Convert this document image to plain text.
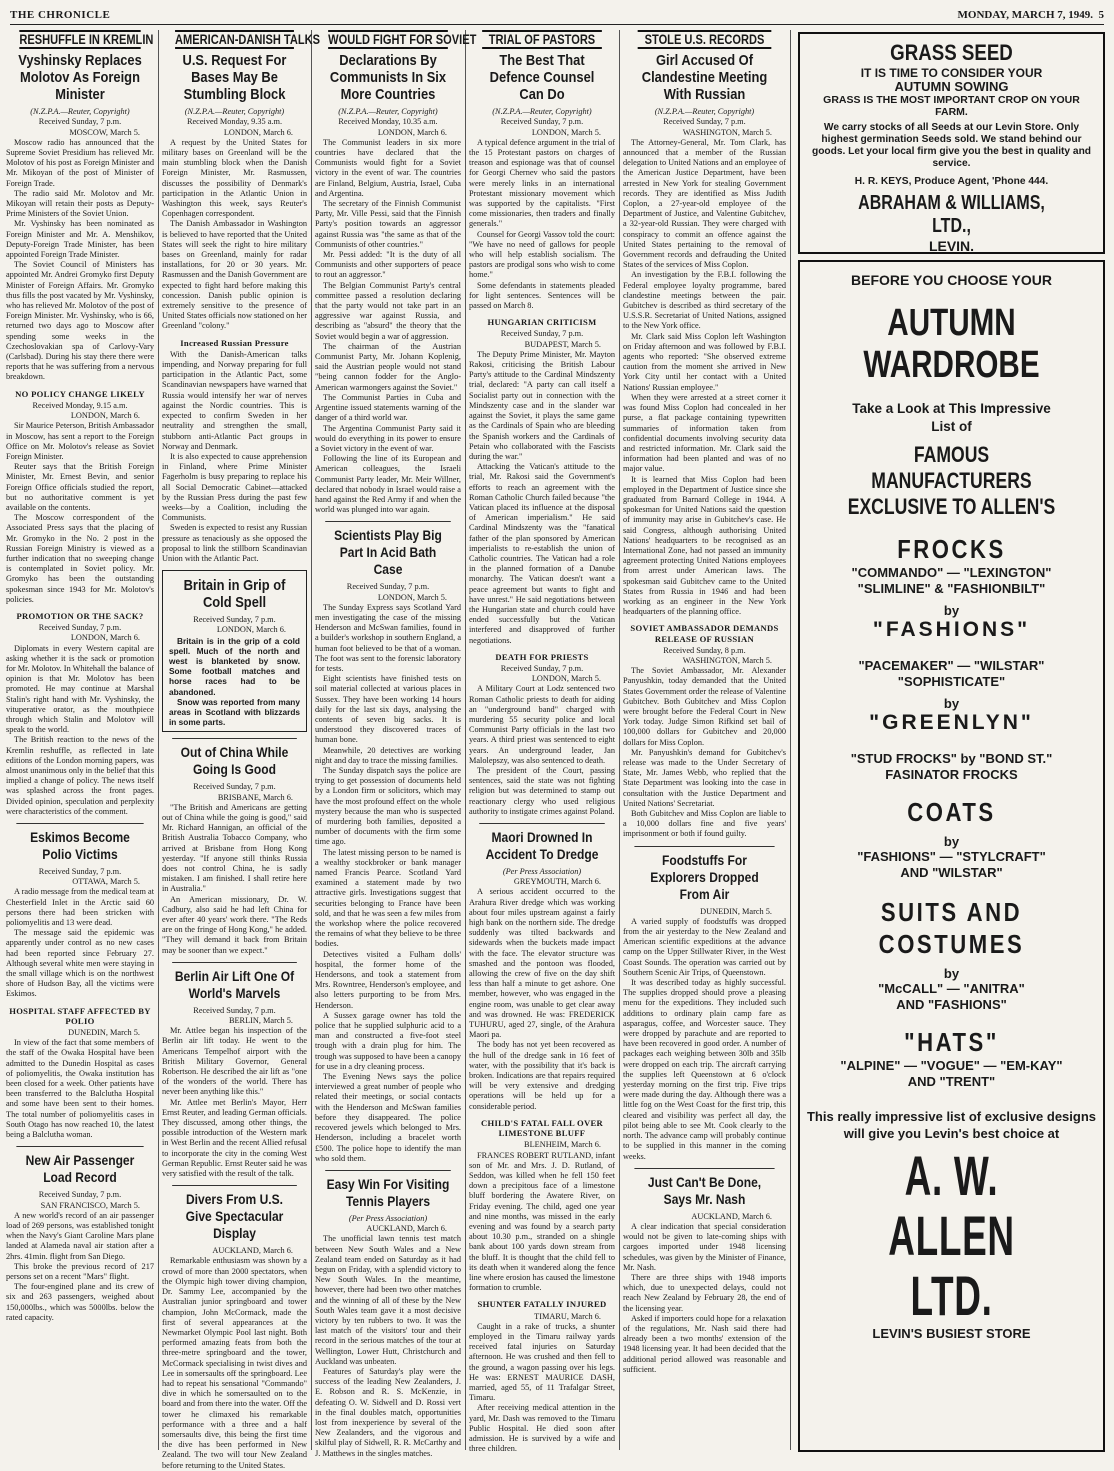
THE CHRONICLE	MONDAY, MARCH 7, 1949. 5
RESHUFFLE IN KREMLIN
Vyshinsky Replaces Molotov As Foreign Minister
(N.Z.P.A.—Reuter, Copyright)
Received Sunday, 7 p.m.
MOSCOW, March 5.

Moscow radio has announced that the Supreme Soviet Presidium has relieved Mr. Molotov of his post as Foreign Minister and Mr. Mikoyan of the post of Minister of Foreign Trade.

The radio said Mr. Molotov and Mr. Mikoyan will retain their posts as Deputy-Prime Ministers of the Soviet Union.

Mr. Vyshinsky has been nominated as Foreign Minister and Mr. A. Menshikov, Deputy-Foreign Trade Minister, has been appointed Foreign Trade Minister.

The Soviet Council of Ministers has appointed Mr. Andrei Gromyko first Deputy Minister of Foreign Affairs. Mr. Gromyko thus fills the post vacated by Mr. Vyshinsky, who has relieved Mr. Molotov of the post of Foreign Minister. Mr. Vyshinsky, who is 66, returned two days ago to Moscow after spending some weeks in the Czechoslovakian spa of Carlovy-Vary (Carlsbad). During his stay there there were reports that he was suffering from a nervous breakdown.

NO POLICY CHANGE LIKELY
Received Monday, 9.15 a.m.
LONDON, March 6.

Sir Maurice Peterson, British Ambassador in Moscow, has sent a report to the Foreign Office on Mr. Molotov's release as Soviet Foreign Minister.

Reuter says that the British Foreign Minister, Mr. Ernest Bevin, and senior Foreign Office officials studied the report, but no authoritative comment is yet available on the contents.

The Moscow correspondent of the Associated Press says that the placing of Mr. Gromyko in the No. 2 post in the Russian Foreign Ministry is viewed as a further indication that no sweeping change is contemplated in Soviet policy. Mr. Gromyko has been the outstanding spokesman since 1943 for Mr. Molotov's policies.

PROMOTION OR THE SACK?
Received Sunday, 7 p.m.
LONDON, March 6.

Diplomats in every Western capital are asking whether it is the sack or promotion for Mr. Molotov. In Whitehall the balance of opinion is that Mr. Molotov has been promoted. He may continue at Marshal Stalin's right hand with Mr. Vyshinsky, the vituperative orator, as the mouthpiece through which Stalin and Molotov will speak to the world.

The British reaction to the news of the Kremlin reshuffle, as reflected in late editions of the London morning papers, was almost unanimous only in the belief that this implied a change of policy. The news itself was splashed across the front pages. Divided opinion, speculation and perplexity were characteristics of the comment.

Eskimos Become Polio Victims
Received Sunday, 7 p.m.
OTTAWA, March 5.

A radio message from the medical team at Chesterfield Inlet in the Arctic said 60 persons there had been stricken with poliomyelitis and 13 were dead.

The message said the epidemic was apparently under control as no new cases had been reported since February 27. Although several white men were staying in the small village which is on the northwest shore of Hudson Bay, all the victims were Eskimos.

HOSPITAL STAFF AFFECTED BY POLIO
DUNEDIN, March 5.

In view of the fact that some members of the staff of the Owaka Hospital have been admitted to the Dunedin Hospital as cases of poliomyelitis, the Owaka institution has been closed for a week. Other patients have been transferred to the Balclutha Hospital and some have been sent to their homes. The total number of poliomyelitis cases in South Otago has now reached 10, the latest being a Balclutha woman.

New Air Passenger Load Record
Received Sunday, 7 p.m.
SAN FRANCISCO, March 5.

A new world's record of an air passenger load of 269 persons, was established tonight when the Navy's Giant Caroline Mars plane landed at Alameda naval air station after a 2hrs. 41min. flight from San Diego.

This broke the previous record of 217 persons set on a recent "Mars" flight.

The four-engined plane and its crew of six and 263 passengers, weighed about 150,000lbs., which was 5000lbs. below the rated capacity.

AMERICAN-DANISH TALKS
U.S. Request For Bases May Be Stumbling Block
(N.Z.P.A.—Reuter, Copyright)
Received Monday, 9.35 a.m.
LONDON, March 6.

A request by the United States for military bases on Greenland will be the main stumbling block when the Danish Foreign Minister, Mr. Rasmussen, discusses the possibility of Denmark's participation in the Atlantic Union in Washington this week, says Reuter's Copenhagen correspondent.

The Danish Ambassador in Washington is believed to have reported that the United States will seek the right to hire military bases on Greenland, mainly for radar installations, for 20 or 30 years. Mr. Rasmussen and the Danish Government are expected to fight hard before making this concession. Danish public opinion is extremely sensitive to the presence of United States officials now stationed on her Greenland "colony."

Increased Russian Pressure

With the Danish-American talks impending, and Norway preparing for full participation in the Atlantic Pact, some Scandinavian newspapers have warned that Russia would intensify her war of nerves against the Nordic countries. This is expected to confirm Sweden in her neutrality and strengthen the small, stubborn anti-Atlantic Pact groups in Norway and Denmark.

It is also expected to cause apprehension in Finland, where Prime Minister Fagerholm is busy preparing to replace his all Social Democratic Cabinet—attacked by the Russian Press during the past few weeks—by a Coalition, including the Communists.

Sweden is expected to resist any Russian pressure as tenaciously as she opposed the proposal to link the stillborn Scandinavian Union with the Atlantic Pact.

Britain in Grip of Cold Spell
Received Sunday, 7 p.m.
LONDON, March 6.

Britain is in the grip of a cold spell. Much of the north and west is blanketed by snow. Some football matches and horse races had to be abandoned.

Snow was reported from many areas in Scotland with blizzards in some parts.

Out of China While Going Is Good
Received Sunday, 7 p.m.
BRISBANE, March 6.

"The British and Americans are getting out of China while the going is good," said Mr. Richard Hannigan, an official of the British Australia Tobacco Company, who arrived at Brisbane from Hong Kong yesterday. "If anyone still thinks Russia does not control China, he is sadly mistaken. I am finished. I shall retire here in Australia."

An American missionary, Dr. W. Cadbury, also said he had left China for ever after 40 years' work there. "The Reds are on the fringe of Hong Kong," he added. "They will demand it back from Britain may be sooner than we expect."

Berlin Air Lift One Of World's Marvels
Received Sunday, 7 p.m.
BERLIN, March 5.

Mr. Attlee began his inspection of the Berlin air lift today. He went to the Americans Tempelhof airport with the British Military Governor, General Robertson. He described the air lift as "one of the wonders of the world. There has never been anything like this."

Mr. Attlee met Berlin's Mayor, Herr Ernst Reuter, and leading German officials. They discussed, among other things, the possible introduction of the Western mark in West Berlin and the recent Allied refusal to incorporate the city in the coming West German Republic. Ernst Reuter said he was very satisfied with the result of the talk.

Divers From U.S. Give Spectacular Display
AUCKLAND, March 6.

Remarkable enthusiasm was shown by a crowd of more than 2000 spectators, when the Olympic high tower diving champion, Dr. Sammy Lee, accompanied by the Australian junior springboard and tower champion, John McCormack, made the first of several appearances at the Newmarket Olympic Pool last night. Both performed amazing feats from both the three-metre springboard and the tower, McCormack specialising in twist dives and Lee in somersaults off the springboard. Lee had to repeat his sensational "Commando" dive in which he somersaulted on to the board and from there into the water. Off the tower he climaxed his remarkable performance with a three and a half somersaults dive, this being the first time the dive has been performed in New Zealand. The two will tour New Zealand before returning to the United States.

WOULD FIGHT FOR SOVIET
Declarations By Communists In Six More Countries
(N.Z.P.A.—Reuter, Copyright)
Received Monday, 10.35 a.m.
LONDON, March 6.

The Communist leaders in six more countries have declared that the Communists would fight for a Soviet victory in the event of war. The countries are Finland, Belgium, Austria, Israel, Cuba and Argentina.

The secretary of the Finnish Communist Party, Mr. Ville Pessi, said that the Finnish Party's position towards an aggressor against Russia was "the same as that of the Communists of other countries."

Mr. Pessi added: "It is the duty of all Communists and other supporters of peace to rout an aggressor."

The Belgian Communist Party's central committee passed a resolution declaring that the party would not take part in an aggressive war against Russia, and describing as "absurd" the theory that the Soviet would begin a war of aggression.

The chairman of the Austrian Communist Party, Mr. Johann Koplenig, said the Austrian people would not stand "being cannon fodder for the Anglo-American warmongers against the Soviet."

The Communist Parties in Cuba and Argentine issued statements warning of the danger of a third world war.

The Argentina Communist Party said it would do everything in its power to ensure a Soviet victory in the event of war.

Following the line of its European and American colleagues, the Israeli Communist Party leader, Mr. Meir Willner, declared that nobody in Israel would raise a hand against the Red Army if and when the world was plunged into war again.

Scientists Play Big Part In Acid Bath Case
Received Sunday, 7 p.m.
LONDON, March 5.

The Sunday Express says Scotland Yard men investigating the case of the missing Henderson and McSwan families, found in a builder's workshop in southern England, a human foot believed to be that of a woman. The foot was sent to the forensic laboratory for tests.

Eight scientists have finished tests on soil material collected at various places in Sussex. They have been working 14 hours daily for the last six days, analysing the contents of seven big sacks. It is understood they discovered traces of human bone.

Meanwhile, 20 detectives are working night and day to trace the missing families.

The Sunday dispatch says the police are trying to get possession of documents held by a London firm or solicitors, which may have the most profound effect on the whole mystery because the man who is suspected of murdering both families, deposited a number of documents with the firm some time ago.

The latest missing person to be named is a wealthy stockbroker or bank manager named Francis Pearce. Scotland Yard examined a statement made by two attractive girls. Investigations suggest that securities belonging to France have been sold, and that he was seen a few miles from the workshop where the police recovered the remains of what they believe to be three bodies.

Detectives visited a Fulham dolls' hospital, the former home of the Hendersons, and took a statement from Mrs. Rowntree, Henderson's employee, and also letters purporting to be from Mrs. Henderson.

A Sussex garage owner has told the police that he supplied sulphuric acid to a man and constructed a five-foot steel trough with a drain plug for him. The trough was supposed to have been a canopy for use in a dry cleaning process.

The Evening News says the police interviewed a great number of people who related their meetings, or social contacts with the Henderson and McSwan families before they disappeared. The police recovered jewels which belonged to Mrs. Henderson, including a bracelet worth £500. The police hope to identify the man who sold them.

Easy Win For Visiting Tennis Players
(Per Press Association)
AUCKLAND, March 6.

The unofficial lawn tennis test match between New South Wales and a New Zealand team ended on Saturday as it had begun on Friday, with a splendid victory to New South Wales. In the meantime, however, there had been two other matches and the winning of all of these by the New South Wales team gave it a most decisive victory by ten rubbers to two. It was the last match of the visitors' tour and their record in the serious matches of the tour at Wellington, Lower Hutt, Christchurch and Auckland was unbeaten.

Features of Saturday's play were the success of the leading New Zealanders, J. E. Robson and R. S. McKenzie, in defeating O. W. Sidwell and D. Rossi vert in the final doubles match, opportunities lost from inexperience by several of the New Zealanders, and the vigorous and skilful play of Sidwell, R. R. McCarthy and J. Matthews in the singles matches.

TRIAL OF PASTORS
The Best That Defence Counsel Can Do
(N.Z.P.A.—Reuter, Copyright)
Received Sunday, 7 p.m.
LONDON, March 5.

A typical defence argument in the trial of the 15 Protestant pastors on charges of treason and espionage was that of counsel for Georgi Chernev who said the pastors were merely links in an international Protestant missionary movement which was supported by the capitalists. "First come missionaries, then traders and finally generals."

Counsel for Georgi Vassov told the court: "We have no need of gallows for people who will help establish socialism. The pastors are prodigal sons who wish to come home."

Some defendants in statements pleaded for light sentences. Sentences will be passed on March 8.

HUNGARIAN CRITICISM
Received Sunday, 7 p.m.
BUDAPEST, March 5.

The Deputy Prime Minister, Mr. Mayton Rakosi, criticising the British Labour Party's attitude to the Cardinal Mindszenty trial, declared: "A party can call itself a Socialist party out in connection with the Mindszenty case and in the slander war against the Soviet, it plays the same game as the Cardinals of Spain who are bleeding the Spanish workers and the Cardinals of Petain who collaborated with the Fascists during the war."

Attacking the Vatican's attitude to the trial, Mr. Rakosi said the Government's efforts to reach an agreement with the Roman Catholic Church failed because "the Vatican placed its influence at the disposal of American imperialism." He said Cardinal Mindszenty was the "fanatical father of the plan sponsored by American imperialists to re-establish the union of Catholic countries. The Vatican had a role in the planned formation of a Danube monarchy. The Vatican doesn't want a peace agreement but wants to fight and have unrest." He said negotiations between the Hungarian state and church could have ended successfully but the Vatican interfered and disapproved of further negotiations.

DEATH FOR PRIESTS
Received Sunday, 7 p.m.
LONDON, March 5.

A Military Court at Lodz sentenced two Roman Catholic priests to death for aiding an "underground band" charged with murdering 55 security police and local Communist Party officials in the last two years. A third priest was sentenced to eight years. An underground leader, Jan Malolepszy, was also sentenced to death.

The president of the Court, passing sentences, said the state was not fighting religion but was determined to stamp out reactionary clergy who used religious authority to instigate crimes against Poland.

Maori Drowned In Accident To Dredge
(Per Press Association)
GREYMOUTH, March 6.

A serious accident occurred to the Arahura River dredge which was working about four miles upstream against a fairly high bank on the northern side. The dredge suddenly was tilted backwards and sidewards when the buckets made impact with the face. The elevator structure was smashed and the pontoon was flooded, allowing the crew of five on the day shift less than half a minute to get ashore. One member, however, who was engaged in the engine room, was unable to get clear away and was drowned. He was: FREDERICK TUHURU, aged 27, single, of the Arahura Maori pa.

The body has not yet been recovered as the hull of the dredge sank in 16 feet of water, with the possibility that it's back is broken. Indications are that repairs required will be very extensive and dredging operations will be held up for a considerable period.

CHILD'S FATAL FALL OVER LIMESTONE BLUFF
BLENHEIM, March 6.

FRANCES ROBERT RUTLAND, infant son of Mr. and Mrs. J. D. Rutland, of Seddon, was killed when he fell 150 feet down a precipitous face of a limestone bluff bordering the Awatere River, on Friday evening. The child, aged one year and nine months, was missed in the early evening and was found by a search party about 10.30 p.m., stranded on a shingle bank about 100 yards down stream from the bluff. It is thought that the child fell to its death when it wandered along the fence line where erosion has caused the limestone formation to crumble.

SHUNTER FATALLY INJURED
TIMARU, March 6.

Caught in a rake of trucks, a shunter employed in the Timaru railway yards received fatal injuries on Saturday afternoon. He was crushed and then fell to the ground, a wagon passing over his legs. He was: ERNEST MAURICE DASH, married, aged 55, of 11 Trafalgar Street, Timaru.

After receiving medical attention in the yard, Mr. Dash was removed to the Timaru Public Hospital. He died soon after admission. He is survived by a wife and three children.

STOLE U.S. RECORDS
Girl Accused Of Clandestine Meeting With Russian
(N.Z.P.A.—Reuter, Copyright)
Received Sunday, 7 p.m.
WASHINGTON, March 5.

The Attorney-General, Mr. Tom Clark, has announced that a member of the Russian delegation to United Nations and an employee of the American Justice Department, have been arrested in New York for stealing Government records. They are identified as Miss Judith Coplon, a 27-year-old employee of the Department of Justice, and Valentine Gubitchev, a 32-year-old Russian. They were charged with conspiracy to commit an offence against the United States pertaining to the removal of Government records and defrauding the United States of the services of Miss Coplon.

An investigation by the F.B.I. following the Federal employee loyalty programme, bared clandestine meetings between the pair. Gubitchev is described as third secretary of the U.S.S.R. Secretariat of United Nations, assigned to the New York office.

Mr. Clark said Miss Coplon left Washington on Friday afternoon and was followed by F.B.I. agents who reported: "She observed extreme caution from the moment she arrived in New York City until her contact with a United Nations' Russian employee."

When they were arrested at a street corner it was found Miss Coplon had concealed in her purse, a flat package containing typewritten summaries of information taken from confidential documents involving security data and restricted information. Mr. Clark said the information had been planted and was of no major value.

It is learned that Miss Coplon had been employed in the Department of Justice since she graduated from Barnard College in 1944. A spokesman for United Nations said the question of immunity may arise in Gubitchev's case. He said Congress, although authorising United Nations' headquarters to be recognised as an International Zone, had not passed an immunity agreement protecting United Nations employees from arrest under American laws. The spokesman said Gubitchev came to the United States from Russia in 1946 and had been working as an engineer in the New York headquarters of the planning office.

SOVIET AMBASSADOR DEMANDS RELEASE OF RUSSIAN
Received Sunday, 8 p.m.
WASHINGTON, March 5.

The Soviet Ambassador, Mr. Alexander Panyushkin, today demanded that the United States Government order the release of Valentine Gubitchev. Both Gubitchev and Miss Coplon were brought before the Federal Court in New York today. Judge Simon Rifkind set bail of 100,000 dollars for Gubitchev and 20,000 dollars for Miss Coplon.

Mr. Panyushkin's demand for Gubitchev's release was made to the Under Secretary of State, Mr. James Webb, who replied that the State Department was looking into the case in consultation with the Justice Department and United Nations' Secretariat.

Both Gubitchev and Miss Coplon are liable to a 10,000 dollars fine and five years' imprisonment or both if found guilty.

Foodstuffs For Explorers Dropped From Air
DUNEDIN, March 5.

A varied supply of foodstuffs was dropped from the air yesterday to the New Zealand and American scientific expeditions at the advance camp on the Upper Stillwater River, in the West Coast Sounds. The operation was carried out by Southern Scenic Air Trips, of Queenstown.

It was described today as highly successful. The supplies dropped should prove a pleasing menu for the expeditions. They included such additions to ordinary plain camp fare as asparagus, coffee, and Worcester sauce. They were dropped by parachute and are reported to have been recovered in good order. A number of packages each weighing between 30lb and 35lb were dropped on each trip. The aircraft carrying the supplies left Queenstown at 6 o'clock yesterday morning on the first trip. Five trips were made during the day. Although there was a little fog on the West Coast for the first trip, this cleared and visibility was perfect all day, the pilot being able to see Mt. Cook clearly to the north. The advance camp will probably continue to be supplied in this manner in the coming weeks.

Just Can't Be Done, Says Mr. Nash
AUCKLAND, March 6.

A clear indication that special consideration would not be given to late-coming ships with cargoes imported under 1948 licensing schedules, was given by the Minister of Finance, Mr. Nash.

There are three ships with 1948 imports which, due to unexpected delays, could not reach New Zealand by February 28, the end of the licensing year.

Asked if importers could hope for a relaxation of the regulations, Mr. Nash said there had already been a two months' extension of the 1948 licensing year. It had been decided that the additional period allowed was reasonable and sufficient.

GRASS SEED
IT IS TIME TO CONSIDER YOUR
AUTUMN SOWING
GRASS IS THE MOST IMPORTANT CROP ON YOUR FARM.
We carry stocks of all Seeds at our Levin Store. Only highest germination Seeds sold. We stand behind our goods. Let your local firm give you the best in quality and service.
H. R. KEYS, Produce Agent, 'Phone 444.
ABRAHAM & WILLIAMS, LTD.,
LEVIN.
BEFORE YOU CHOOSE YOUR
AUTUMN
WARDROBE
Take a Look at This Impressive List of
FAMOUS
MANUFACTURERS
EXCLUSIVE TO ALLEN'S
FROCKS
"COMMANDO" — "LEXINGTON"
"SLIMLINE" & "FASHIONBILT"
by
"FASHIONS"
"PACEMAKER" — "WILSTAR"
"SOPHISTICATE"
by
"GREENLYN"
"STUD FROCKS" by "BOND ST."
FASINATOR FROCKS
COATS
by
"FASHIONS" — "STYLCRAFT"
AND "WILSTAR"
SUITS AND
COSTUMES
by
"McCALL" — "ANITRA"
AND "FASHIONS"
"HATS"
"ALPINE" — "VOGUE" — "EM-KAY"
AND "TRENT"
This really impressive list of exclusive designs will give you Levin's best choice at
A. W. ALLEN LTD.
LEVIN'S BUSIEST STORE
